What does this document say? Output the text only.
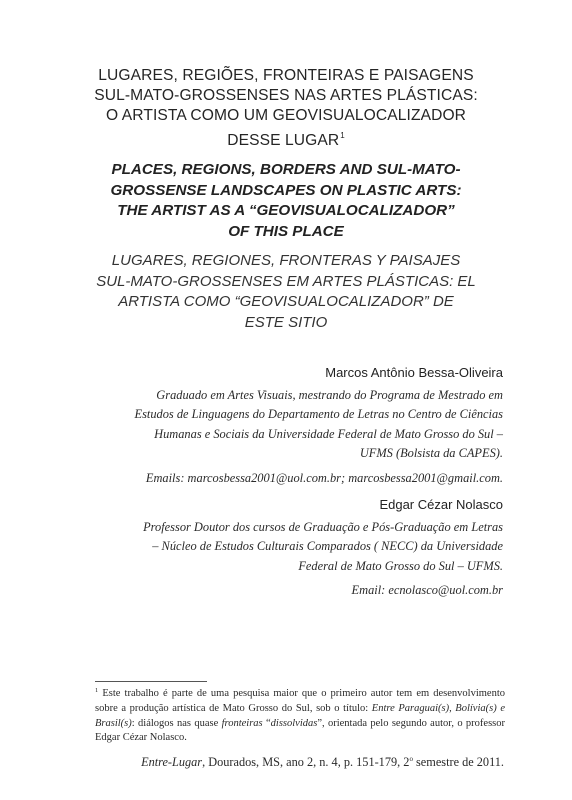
LUGARES, REGIÕES, FRONTEIRAS E PAISAGENS
SUL-MATO-GROSSENSES NAS ARTES PLÁSTICAS:
O ARTISTA COMO UM GEOVISUALOCALIZADOR
DESSE LUGAR$^1$
PLACES, REGIONS, BORDERS AND SUL-MATO-
GROSSENSE LANDSCAPES ON PLASTIC ARTS:
THE ARTIST AS A “GEOVISUALOCALIZADOR”
OF THIS PLACE
LUGARES, REGIONES, FRONTERAS Y PAISAJES
SUL-MATO-GROSSENSES EM ARTES PLÁSTICAS: EL
ARTISTA COMO “GEOVISUALOCALIZADOR” DE
ESTE SITIO
Marcos Antônio Bessa-Oliveira
Graduado em Artes Visuais, mestrando do Programa de Mestrado em
Estudos de Linguagens do Departamento de Letras no Centro de Ciências
Humanas e Sociais da Universidade Federal de Mato Grosso do Sul –
UFMS (Bolsista da CAPES).
Emails: marcosbessa2001@uol.com.br; marcosbessa2001@gmail.com.
Edgar Cézar Nolasco
Professor Doutor dos cursos de Graduação e Pós-Graduação em Letras
– Núcleo de Estudos Culturais Comparados ( NECC) da Universidade
Federal de Mato Grosso do Sul – UFMS.
Email: ecnolasco@uol.com.br
$^1$ Este trabalho é parte de uma pesquisa maior que o primeiro autor tem em desenvolvimento sobre a produção artística de Mato Grosso do Sul, sob o título: Entre Paraguai(s), Bolívia(s) e Brasil(s): diálogos nas quase fronteiras “dissolvidas”, orientada pelo segundo autor, o professor Edgar Cézar Nolasco.
Entre-Lugar, Dourados, MS, ano 2, n. 4, p. 151-179, 2$^o$ semestre de 2011.
